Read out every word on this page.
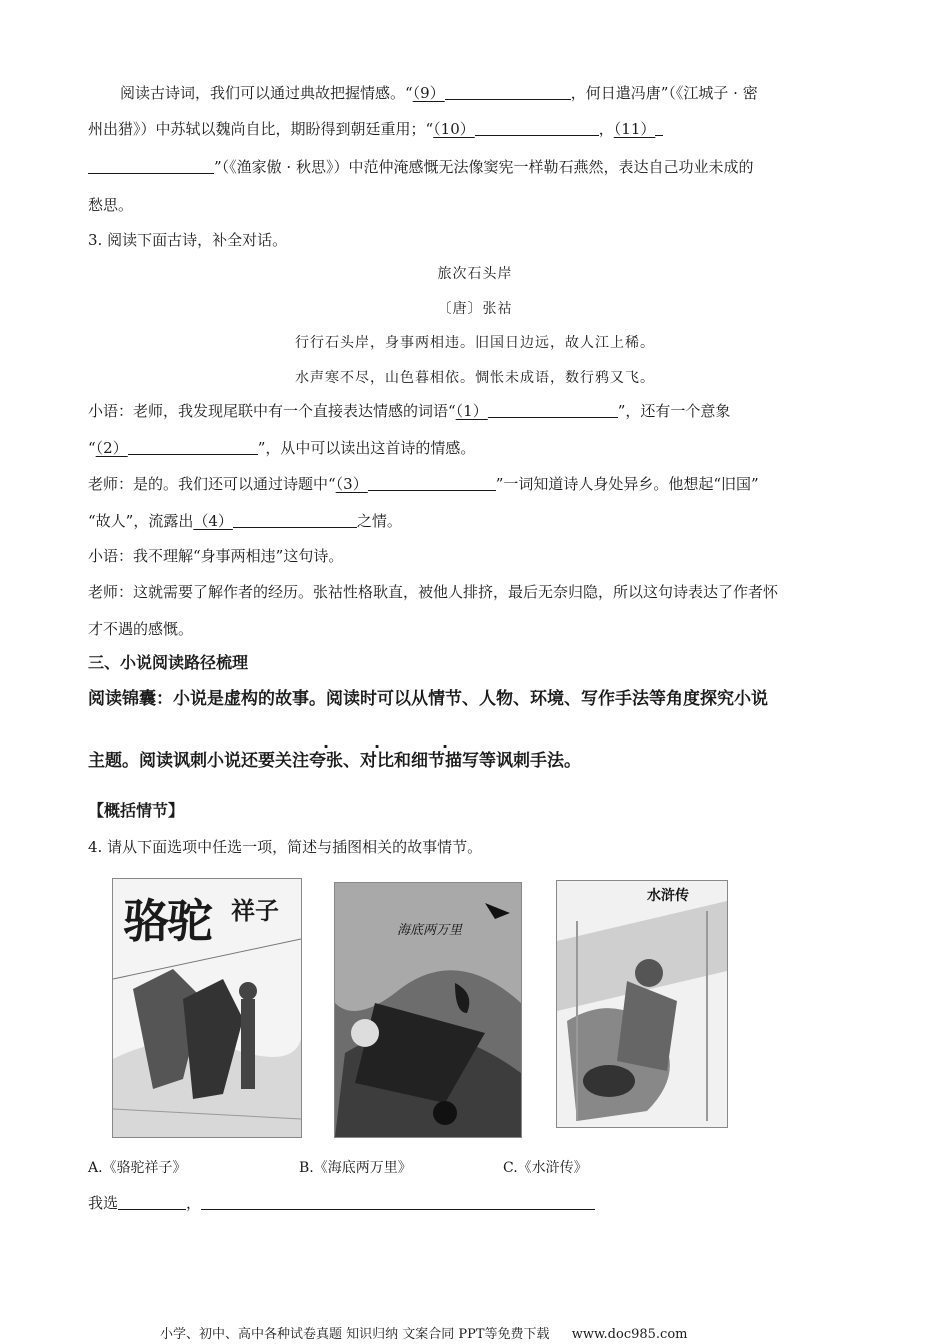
阅读古诗词，我们可以通过典故把握情感。“（9）	，何日遣冯唐”（《江城子 · 密
州出猎》）中苏轼以魏尚自比，期盼得到朝廷重用；“（10）	，（11）
”（《渔家傲 · 秋思》）中范仲淹感慨无法像窦宪一样勒石燕然，表达自己功业未成的
愁思。
3. 阅读下面古诗，补全对话。
旅次石头岸
〔唐〕张祜
行行石头岸，身事两相违。旧国日边远，故人江上稀。
水声寒不尽，山色暮相依。惆怅未成语，数行鸦又飞。
小语：老师，我发现尾联中有一个直接表达情感的词语“（1）	”，还有一个意象
“（2）	”，从中可以读出这首诗的情感。
老师：是的。我们还可以通过诗题中“（3）	”一词知道诗人身处异乡。他想起“旧国”
“故人”，流露出（4）	之情。
小语：我不理解“身事两相违”这句诗。
老师：这就需要了解作者的经历。张祜性格耿直，被他人排挤，最后无奈归隐，所以这句诗表达了作者怀
才不遇的感慨。
三、小说阅读路径梳理
阅读锦囊：小说是虚构的故事。阅读时可以从情节、人物、环境、写作手法等角度探究小说
主题。阅读讽刺小说还要关注夸张、对比和细节描写等讽刺手法。
【概括情节】
4. 请从下面选项中任选一项，简述与插图相关的故事情节。
骆驼 祥子
海底两万里
水浒传
A.《骆驼祥子》	B.《海底两万里》	C.《水浒传》
我选	，
小学、初中、高中各种试卷真题 知识归纳 文案合同 PPT等免费下载 www.doc985.com
